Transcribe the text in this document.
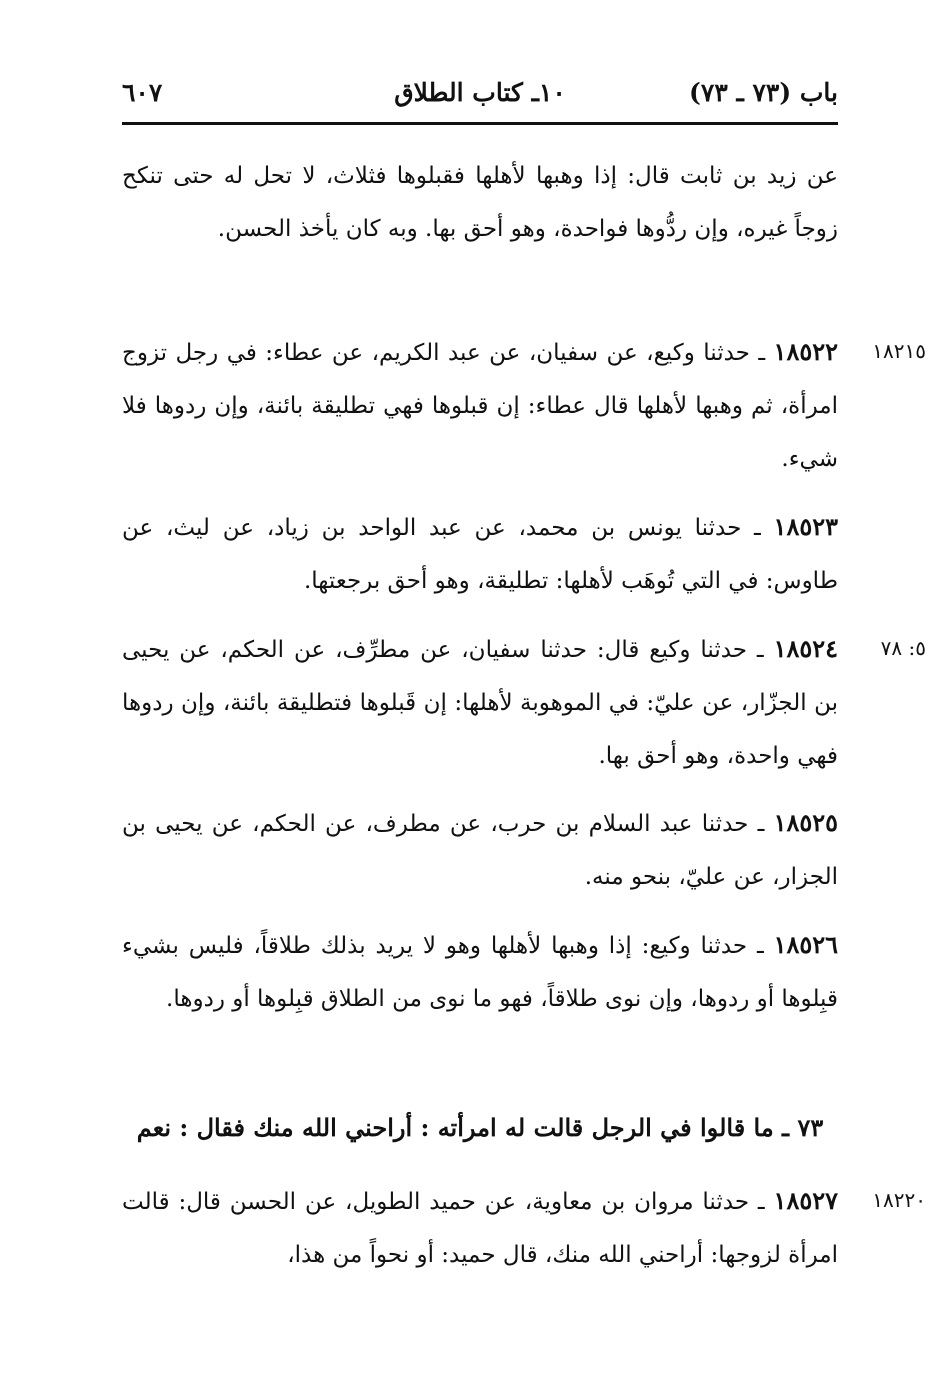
باب (٧٣ ـ ٧٣)
١٠ـ كتاب الطلاق
٦٠٧
عن زيد بن ثابت قال: إذا وهبها لأهلها فقبلوها فثلاث، لا تحل له حتى تنكح زوجاً غيره، وإن ردُّوها فواحدة، وهو أحق بها. وبه كان يأخذ الحسن.
١٨٢١٥
١٨٥٢٢ ـ حدثنا وكيع، عن سفيان، عن عبد الكريم، عن عطاء: في رجل تزوج امرأة، ثم وهبها لأهلها قال عطاء: إن قبلوها فهي تطليقة بائنة، وإن ردوها فلا شيء.
١٨٥٢٣ ـ حدثنا يونس بن محمد، عن عبد الواحد بن زياد، عن ليث، عن طاوس: في التي تُوهَب لأهلها: تطليقة، وهو أحق برجعتها.
٥: ٧٨
١٨٥٢٤ ـ حدثنا وكيع قال: حدثنا سفيان، عن مطرِّف، عن الحكم، عن يحيى بن الجزّار، عن عليّ: في الموهوبة لأهلها: إن قَبلوها فتطليقة بائنة، وإن ردوها فهي واحدة، وهو أحق بها.
١٨٥٢٥ ـ حدثنا عبد السلام بن حرب، عن مطرف، عن الحكم، عن يحيى بن الجزار، عن عليّ، بنحو منه.
١٨٥٢٦ ـ حدثنا وكيع: إذا وهبها لأهلها وهو لا يريد بذلك طلاقاً، فليس بشيء قبِلوها أو ردوها، وإن نوى طلاقاً، فهو ما نوى من الطلاق قبِلوها أو ردوها.
٧٣ ـ ما قالوا في الرجل قالت له امرأته : أراحني الله منك فقال : نعم
١٨٢٢٠
١٨٥٢٧ ـ حدثنا مروان بن معاوية، عن حميد الطويل، عن الحسن قال: قالت امرأة لزوجها: أراحني الله منك، قال حميد: أو نحواً من هذا،
